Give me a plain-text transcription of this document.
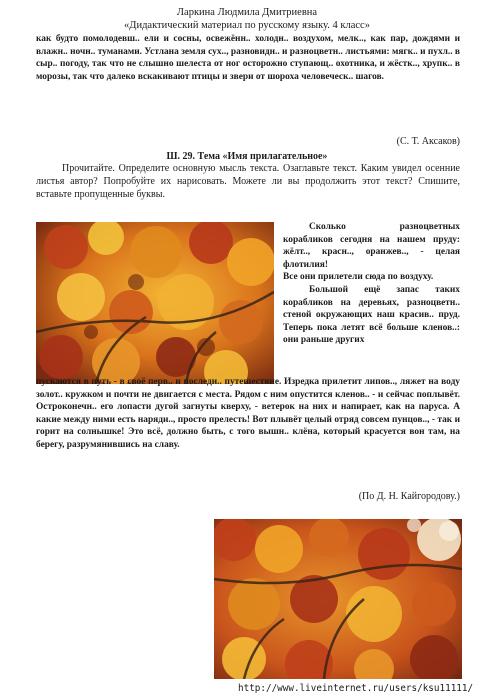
Ларкина Людмила Дмитриевна
«Дидактический материал по русскому языку. 4 класс»
как будто помолодевш.. ели и сосны, освежённ.. холодн.. воздухом, мелк.., как пар, дождями и влажн.. ночн.. туманами. Устлана земля сух.., разновидн.. и разноцветн.. листьями: мягк.. и пухл.. в сыр.. погоду, так что не слышно шелеста от ног осторожно ступающ.. охотника, и жёстк.., хрупк.. в морозы, так что далеко вскакивают птицы и звери от шороха человеческ.. шагов.
(С. Т. Аксаков)
Ш. 29. Тема «Имя прилагательное»
Прочитайте. Определите основную мысль текста. Озаглавьте текст. Каким увидел осенние листья автор? Попробуйте их нарисовать. Можете ли вы продолжить этот текст? Спишите, вставьте пропущенные буквы.

Сколько разноцветных корабликов сегодня на нашем пруду: жёлт.., красн.., оранжев.., - целая флотилия!

Все они прилетели сюда по воздуху.

Большой ещё запас таких корабликов на деревьях, разноцветн.. стеной окружающих наш красив.. пруд. Теперь пока летят всё больше кленов..: они раньше других

пускаются в путь - в своё перв.. и последн.. путешествие. Изредка прилетит липов.., ляжет на воду золот.. кружком и почти не двигается с места. Рядом с ним опустится кленов.. - и сейчас поплывёт. Остроконечн.. его лопасти дугой загнуты кверху, - ветерок на них и напирает, как на паруса. А какие между ними есть наряди.., просто прелесть! Вот плывёт целый отряд совсем пунцов.., - так и горит на солнышке! Это всё, должно быть, с того вышн.. клёна, который красуется вон там, на берегу, разрумянившись на славу.
(По Д. Н. Кайгородову.)
http://www.liveinternet.ru/users/ksu11111/
